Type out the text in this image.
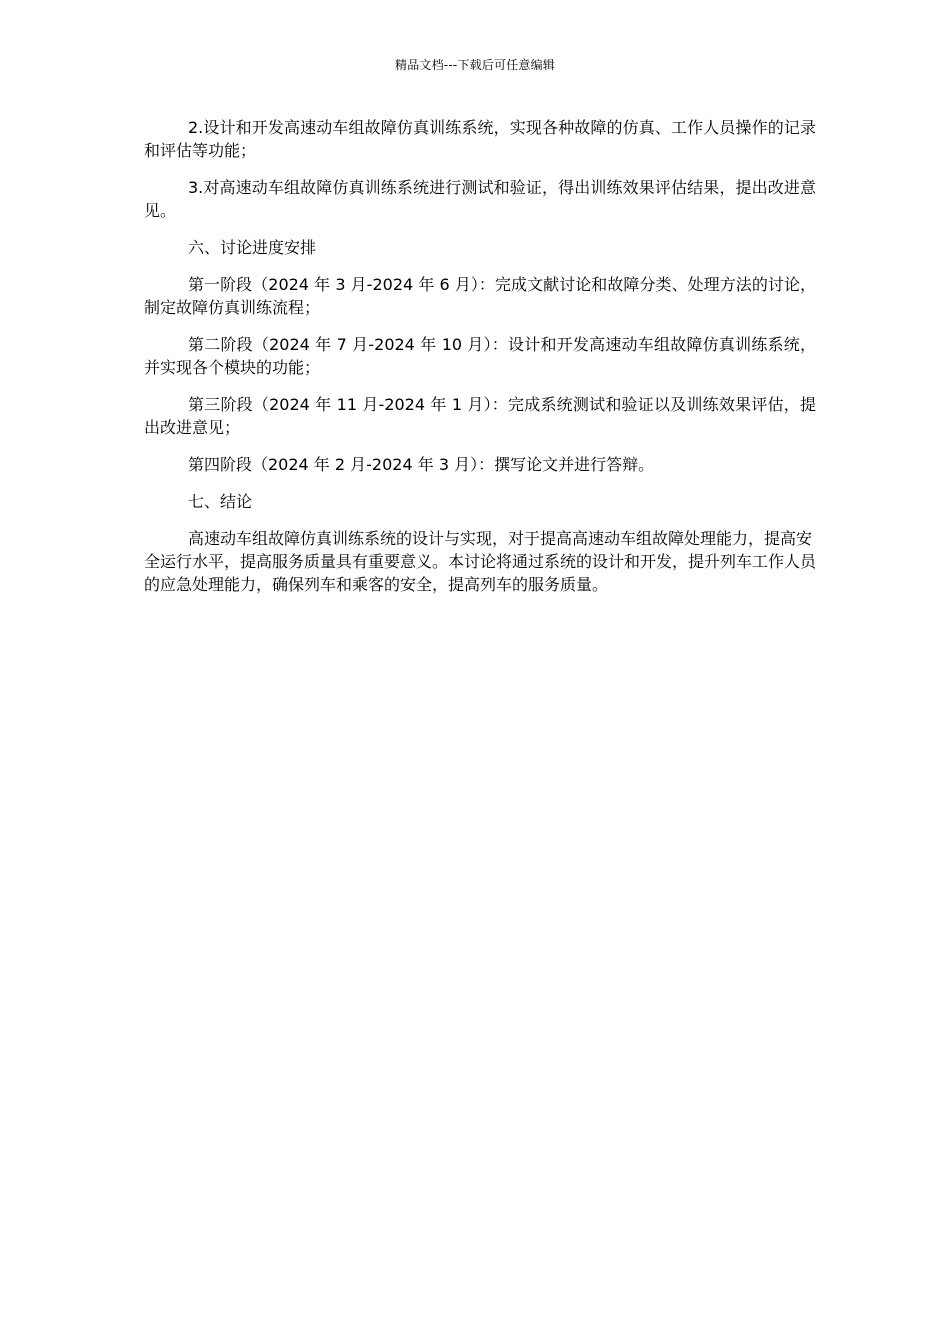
精品文档---下载后可任意编辑

2.设计和开发高速动车组故障仿真训练系统，实现各种故障的仿真、工作人员操作的记录和评估等功能；

3.对高速动车组故障仿真训练系统进行测试和验证，得出训练效果评估结果，提出改进意见。

六、讨论进度安排

第一阶段（2024 年 3 月-2024 年 6 月）：完成文献讨论和故障分类、处理方法的讨论，制定故障仿真训练流程；

第二阶段（2024 年 7 月-2024 年 10 月）：设计和开发高速动车组故障仿真训练系统，并实现各个模块的功能；

第三阶段（2024 年 11 月-2024 年 1 月）：完成系统测试和验证以及训练效果评估，提出改进意见；

第四阶段（2024 年 2 月-2024 年 3 月）：撰写论文并进行答辩。

七、结论

高速动车组故障仿真训练系统的设计与实现，对于提高高速动车组故障处理能力，提高安全运行水平，提高服务质量具有重要意义。本讨论将通过系统的设计和开发，提升列车工作人员的应急处理能力，确保列车和乘客的安全，提高列车的服务质量。
